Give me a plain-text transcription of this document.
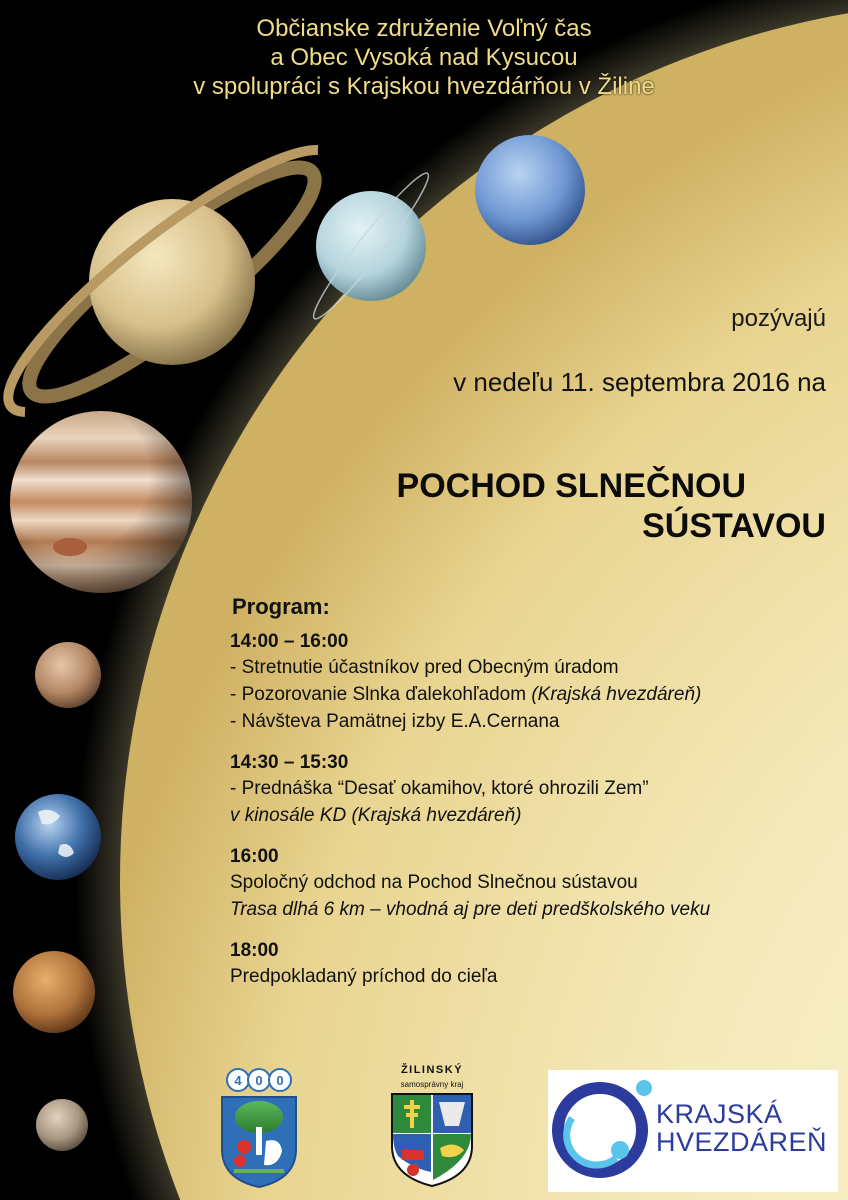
Občianske združenie Voľný čas
a Obec Vysoká nad Kysucou
v spolupráci s Krajskou hvezdárňou v Žiline
pozývajú
v nedeľu 11. septembra 2016 na
POCHOD SLNEČNOU
SÚSTAVOU
Program:
14:00 – 16:00
- Stretnutie účastníkov pred Obecným úradom
- Pozorovanie Slnka ďalekohľadom (Krajská hvezdáreň)
- Návšteva Pamätnej izby E.A.Cernana
14:30 – 15:30
- Prednáška “Desať okamihov, ktoré ohrozili Zem”
v kinosále KD (Krajská hvezdáreň)
16:00
Spoločný odchod na Pochod Slnečnou sústavou
Trasa dlhá 6 km – vhodná aj pre deti predškolského veku
18:00
Predpokladaný príchod do cieľa
4 0 0
ŽILINSKÝ
samosprávny kraj
KRAJSKÁ
HVEZDÁREŇ
